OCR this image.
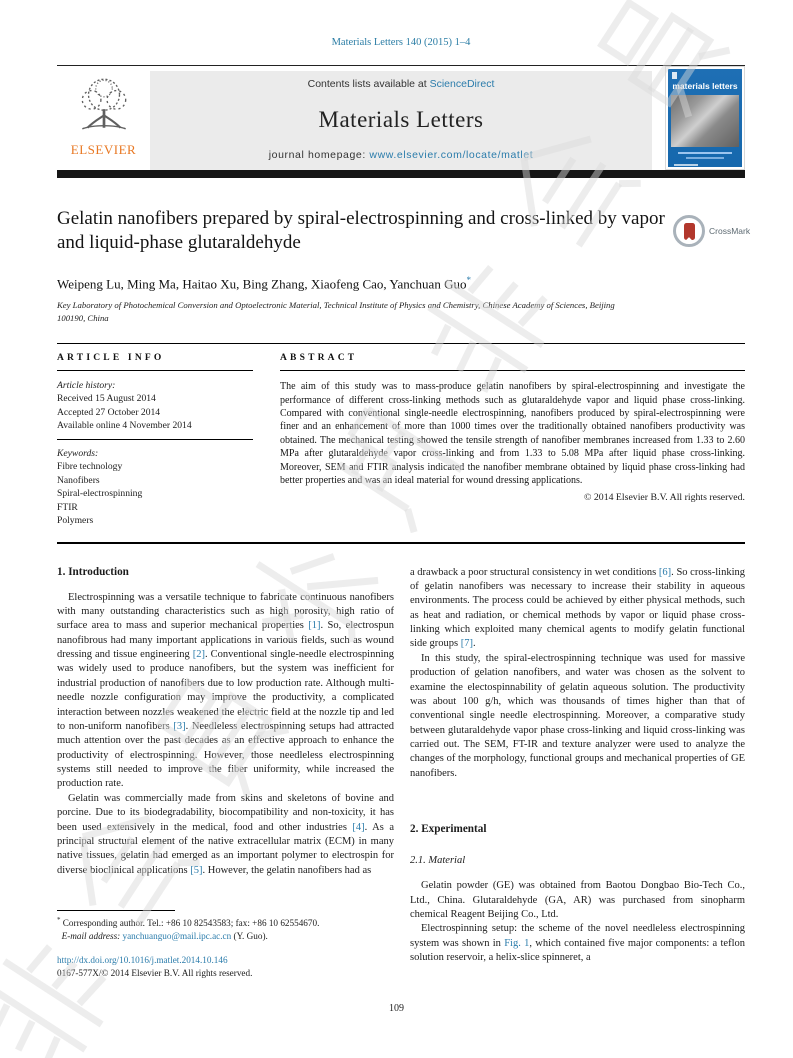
Materials Letters 140 (2015) 1–4
ELSEVIER
Contents lists available at ScienceDirect
Materials Letters
journal homepage: www.elsevier.com/locate/matlet
materials letters
Gelatin nanofibers prepared by spiral-electrospinning and cross-linked by vapor and liquid-phase glutaraldehyde
CrossMark
Weipeng Lu, Ming Ma, Haitao Xu, Bing Zhang, Xiaofeng Cao, Yanchuan Guo*
Key Laboratory of Photochemical Conversion and Optoelectronic Material, Technical Institute of Physics and Chemistry, Chinese Academy of Sciences, Beijing 100190, China
ARTICLE INFO
Article history:
Received 15 August 2014
Accepted 27 October 2014
Available online 4 November 2014
Keywords:
Fibre technology
Nanofibers
Spiral-electrospinning
FTIR
Polymers
ABSTRACT
The aim of this study was to mass-produce gelatin nanofibers by spiral-electrospinning and investigate the performance of different cross-linking methods such as glutaraldehyde vapor and liquid phase cross-linking. Compared with conventional single-needle electrospinning, nanofibers produced by spiral-electrospinning were finer and an enhancement of more than 1000 times over the traditionally obtained nanofibers productivity was obtained. The mechanical testing showed the tensile strength of nanofiber membranes increased from 1.33 to 2.60 MPa after glutaraldehyde vapor cross-linking and from 1.33 to 5.08 MPa after liquid phase cross-linking. Moreover, SEM and FTIR analysis indicated the nanofiber membrane obtained by liquid phase cross-linking had better properties and was an ideal material for wound dressing applications.
© 2014 Elsevier B.V. All rights reserved.
1. Introduction

Electrospinning was a versatile technique to fabricate continuous nanofibers with many outstanding characteristics such as high porosity, high ratio of surface area to mass and superior mechanical properties [1]. So, electrospun nanofibrous had many important applications in various fields, such as wound dressing and tissue engineering [2]. Conventional single-needle electrospinning was widely used to produce nanofibers, but the system was inefficient for industrial production of nanofibers due to low production rate. Although multi-needle nozzle configuration may improve the productivity, a complicated interaction between nozzles weakened the electric field at the nozzle tip and led to non-uniform nanofibers [3]. Needleless electrospinning setups had attracted much attention over the past decades as an effective approach to enhance the productivity of electrospinning. However, those needleless electrospinning systems still needed to improve the fiber uniformity, while increased the production rate.

Gelatin was commercially made from skins and skeletons of bovine and porcine. Due to its biodegradability, biocompatibility and non-toxicity, it has been used extensively in the medical, food and other industries [4]. As a principal structural element of the native extracellular matrix (ECM) in many native tissues, gelatin had emerged as an important polymer to electrospin for diverse bioclinical applications [5]. However, the gelatin nanofibers had as

a drawback a poor structural consistency in wet conditions [6]. So cross-linking of gelatin nanofibers was necessary to increase their stability in aqueous environments. The process could be achieved by either physical methods, such as heat and radiation, or chemical methods by vapor or liquid phase cross-linking which exploited many chemical agents to modify gelatin functional side groups [7].

In this study, the spiral-electrospinning technique was used for massive production of gelation nanofibers, and water was chosen as the solvent to examine the electospinnability of gelatin aqueous solution. The productivity was about 100 g/h, which was thousands of times higher than that of conventional single needle electrospinning. Moreover, a comparative study between glutaraldehyde vapor phase cross-linking and liquid cross-linking was carried out. The SEM, FT-IR and texture analyzer were used to analyze the changes of the morphology, functional groups and mechanical properties of GE nanofibers.

2. Experimental
2.1. Material

Gelatin powder (GE) was obtained from Baotou Dongbao Bio-Tech Co., Ltd., China. Glutaraldehyde (GA, AR) was purchased from sinopharm chemical Reagent Beijing Co., Ltd.

Electrospinning setup: the scheme of the novel needleless electrospinning system was shown in Fig. 1, which contained five major components: a teflon solution reservoir, a helix-slice spinneret, a

* Corresponding author. Tel.: +86 10 82543583; fax: +86 10 62554670.
E-mail address: yanchuanguo@mail.ipc.ac.cn (Y. Guo).
http://dx.doi.org/10.1016/j.matlet.2014.10.146
0167-577X/© 2014 Elsevier B.V. All rights reserved.
109
